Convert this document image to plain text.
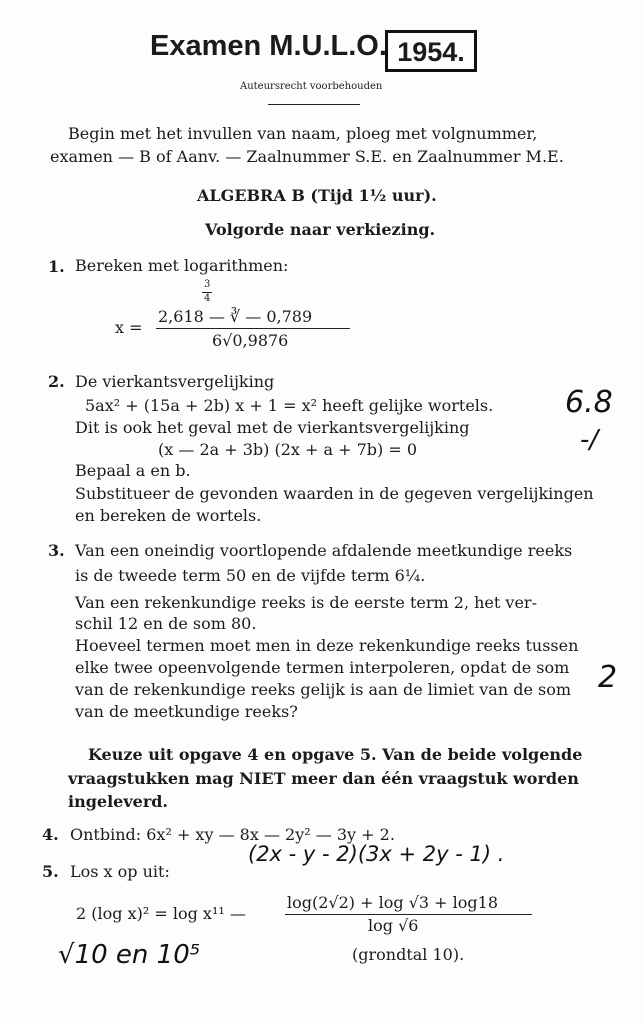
Examen M.U.L.O. 1954.
Auteursrecht voorbehouden
Begin met het invullen van naam, ploeg met volgnummer,
examen — B of Aanv. — Zaalnummer S.E. en Zaalnummer M.E.
ALGEBRA B (Tijd 1½ uur).
Volgorde naar verkiezing.
1. Bereken met logarithmen:
3
4
x =
2,618 — ∛ — 0,789
6√0,9876
2. De vierkantsvergelijking
5ax² + (15a + 2b) x + 1 = x² heeft gelijke wortels.
Dit is ook het geval met de vierkantsvergelijking
(x — 2a + 3b) (2x + a + 7b) = 0
Bepaal a en b.
Substitueer de gevonden waarden in de gegeven vergelijkingen
en bereken de wortels.
3. Van een oneindig voortlopende afdalende meetkundige reeks
is de tweede term 50 en de vijfde term 6¼.
Van een rekenkundige reeks is de eerste term 2, het ver-
schil 12 en de som 80.
Hoeveel termen moet men in deze rekenkundige reeks tussen
elke twee opeenvolgende termen interpoleren, opdat de som
van de rekenkundige reeks gelijk is aan de limiet van de som
van de meetkundige reeks?
Keuze uit opgave 4 en opgave 5. Van de beide volgende
vraagstukken mag NIET meer dan één vraagstuk worden
ingeleverd.
4. Ontbind: 6x² + xy — 8x — 2y² — 3y + 2.
5. Los x op uit:
2 (log x)² = log x¹¹ —
log(2√2) + log √3 + log18
log √6
(grondtal 10).
6.8
-/
2
(2x - y - 2)(3x + 2y - 1) .
√10 en 10⁵
